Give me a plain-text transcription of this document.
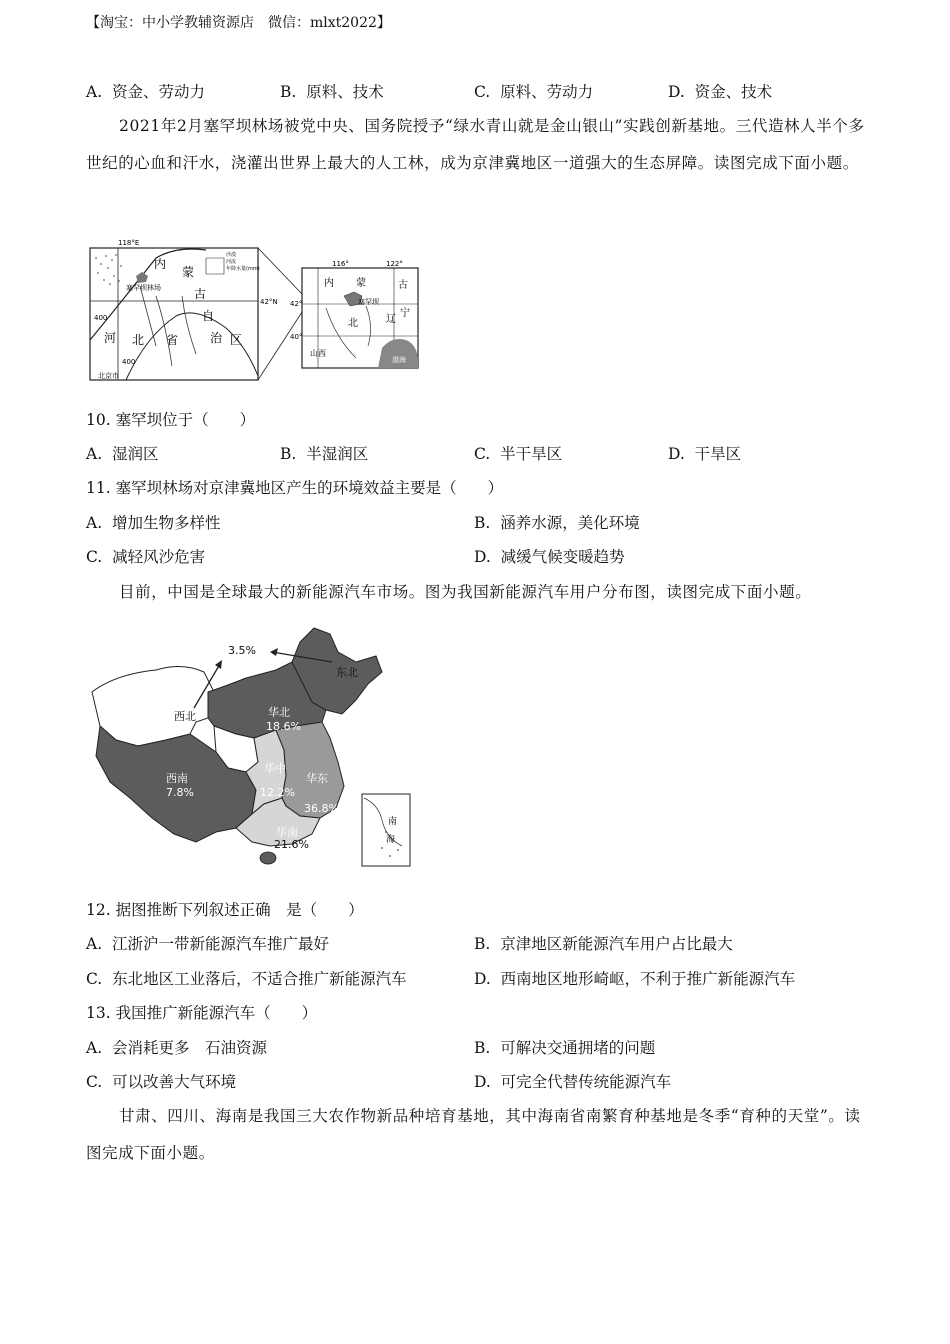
【淘宝：中小学教辅资源店　微信：mlxt2022】
A. 资金、劳动力	B. 原料、技术	C. 原料、劳动力	D. 资金、技术
2021年2月塞罕坝林场被党中央、国务院授予“绿水青山就是金山银山”实践创新基地。三代造林人半个多世纪的心血和汗水，浇灌出世界上最大的人工林，成为京津冀地区一道强大的生态屏障。读图完成下面小题。
118°E
42°N
内
蒙
古
自
治 区
河 北 省
塞罕坝林场
400
400
北京市
沙漠
河流
年降水量(mm)
116°	122°
42°
40°
内 蒙	古
塞罕坝
北	辽
宁
山西
渤海
10. 塞罕坝位于（　　）
A. 湿润区	B. 半湿润区	C. 半干旱区	D. 干旱区
11. 塞罕坝林场对京津冀地区产生的环境效益主要是（　　）
A. 增加生物多样性	B. 涵养水源，美化环境
C. 减轻风沙危害	D. 减缓气候变暖趋势
目前，中国是全球最大的新能源汽车市场。图为我国新能源汽车用户分布图，读图完成下面小题。
南
海
东北
3.5%
西北	华北
18.6%
西南
7.8%
华中
12.2%
华东
36.8%
华南
21.6%
12. 据图推断下列叙述正确　是（　　）
A. 江浙沪一带新能源汽车推广最好	B. 京津地区新能源汽车用户占比最大
C. 东北地区工业落后，不适合推广新能源汽车	D. 西南地区地形崎岖，不利于推广新能源汽车
13. 我国推广新能源汽车（　　）
A. 会消耗更多　石油资源	B. 可解决交通拥堵的问题
C. 可以改善大气环境	D. 可完全代替传统能源汽车
甘肃、四川、海南是我国三大农作物新品种培育基地，其中海南省南繁育种基地是冬季“育种的天堂”。读图完成下面小题。
